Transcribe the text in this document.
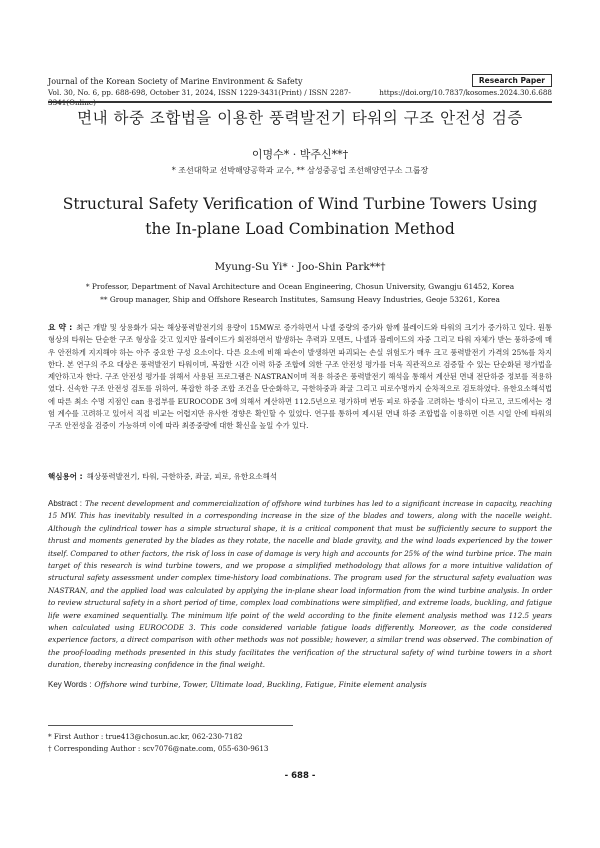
Journal of the Korean Society of Marine Environment & Safety
Vol. 30, No. 6, pp. 688-698, October 31, 2024, ISSN 1229-3431(Print) / ISSN 2287-	https://doi.org/10.7837/kosomes.2024.30.6.688
Research Paper
면내 하중 조합법을 이용한 풍력발전기 타워의 구조 안전성 검증
이명수* · 박주신**†
* 조선대학교 선박해양공학과 교수, ** 삼성중공업 조선해양연구소 그룹장
Structural Safety Verification of Wind Turbine Towers Using the In-plane Load Combination Method
Myung-Su Yi* · Joo-Shin Park**†
* Professor, Department of Naval Architecture and Ocean Engineering, Chosun University, Gwangju 61452, Korea
** Group manager, Ship and Offshore Research Institutes, Samsung Heavy Industries, Geoje 53261, Korea
요 약 : 최근 개발 및 상용화가 되는 해상풍력발전기의 용량이 15MW로 증가하면서 나셀 중량의 증가와 함께 블레이드와 타워의 크기가 증가하고 있다. 원통 형상의 타워는 단순한 구조 형상을 갖고 있지만 블레이드가 회전하면서 발생하는 추력과 모멘트, 나셀과 블레이드의 자중 그리고 타워 자체가 받는 풍하중에 매우 안전하게 지지해야 하는 아주 중요한 구성 요소이다. 다른 요소에 비해 파손이 발생하면 파괴되는 손실 위험도가 매우 크고 풍력발전기 가격의 25%를 차지한다. 본 연구의 주요 대상은 풍력발전기 타워이며, 복잡한 시간 이력 하중 조합에 의한 구조 안전성 평가를 더욱 직관적으로 검증할 수 있는 단순화된 평가법을 제안하고자 한다. 구조 안전성 평가를 위해서 사용된 프로그램은 NASTRAN이며 적용 하중은 풍력발전기 해석을 통해서 계산된 면내 전단하중 정보를 적용하였다. 신속한 구조 안전성 검토를 위하여, 복잡한 하중 조합 조건을 단순화하고, 극한하중과 좌굴 그리고 피로수명까지 순차적으로 검토하였다. 유한요소해석법에 따른 최소 수명 지점인 can 용접부를 EUROCODE 3에 의해서 계산하면 112.5년으로 평가하며 변동 피로 하중을 고려하는 방식이 다르고, 코드에서는 경험 계수를 고려하고 있어서 직접 비교는 어렵지만 유사한 경향은 확인할 수 있었다. 연구를 통하여 제시된 면내 하중 조합법을 이용하면 이른 시일 안에 타워의 구조 안전성을 검증이 가능하며 이에 따라 최종중량에 대한 확신을 높일 수가 있다.
핵심용어 : 해상풍력발전기, 타워, 극한하중, 좌굴, 피로, 유한요소해석
Abstract : The recent development and commercialization of offshore wind turbines has led to a significant increase in capacity, reaching 15 MW. This has inevitably resulted in a corresponding increase in the size of the blades and towers, along with the nacelle weight. Although the cylindrical tower has a simple structural shape, it is a critical component that must be sufficiently secure to support the thrust and moments generated by the blades as they rotate, the nacelle and blade gravity, and the wind loads experienced by the tower itself. Compared to other factors, the risk of loss in case of damage is very high and accounts for 25% of the wind turbine price. The main target of this research is wind turbine towers, and we propose a simplified methodology that allows for a more intuitive validation of structural safety assessment under complex time-history load combinations. The program used for the structural safety evaluation was NASTRAN, and the applied load was calculated by applying the in-plane shear load information from the wind turbine analysis. In order to review structural safety in a short period of time, complex load combinations were simplified, and extreme loads, buckling, and fatigue life were examined sequentially. The minimum life point of the weld according to the finite element analysis method was 112.5 years when calculated using EUROCODE 3. This code considered variable fatigue loads differently. Moreover, as the code considered experience factors, a direct comparison with other methods was not possible; however, a similar trend was observed. The combination of the proof-loading methods presented in this study facilitates the verification of the structural safety of wind turbine towers in a short duration, thereby increasing confidence in the final weight.
Key Words : Offshore wind turbine, Tower, Ultimate load, Buckling, Fatigue, Finite element analysis
* First Author : true413@chosun.ac.kr, 062-230-7182
† Corresponding Author : scv7076@nate.com, 055-630-9613
- 688 -
